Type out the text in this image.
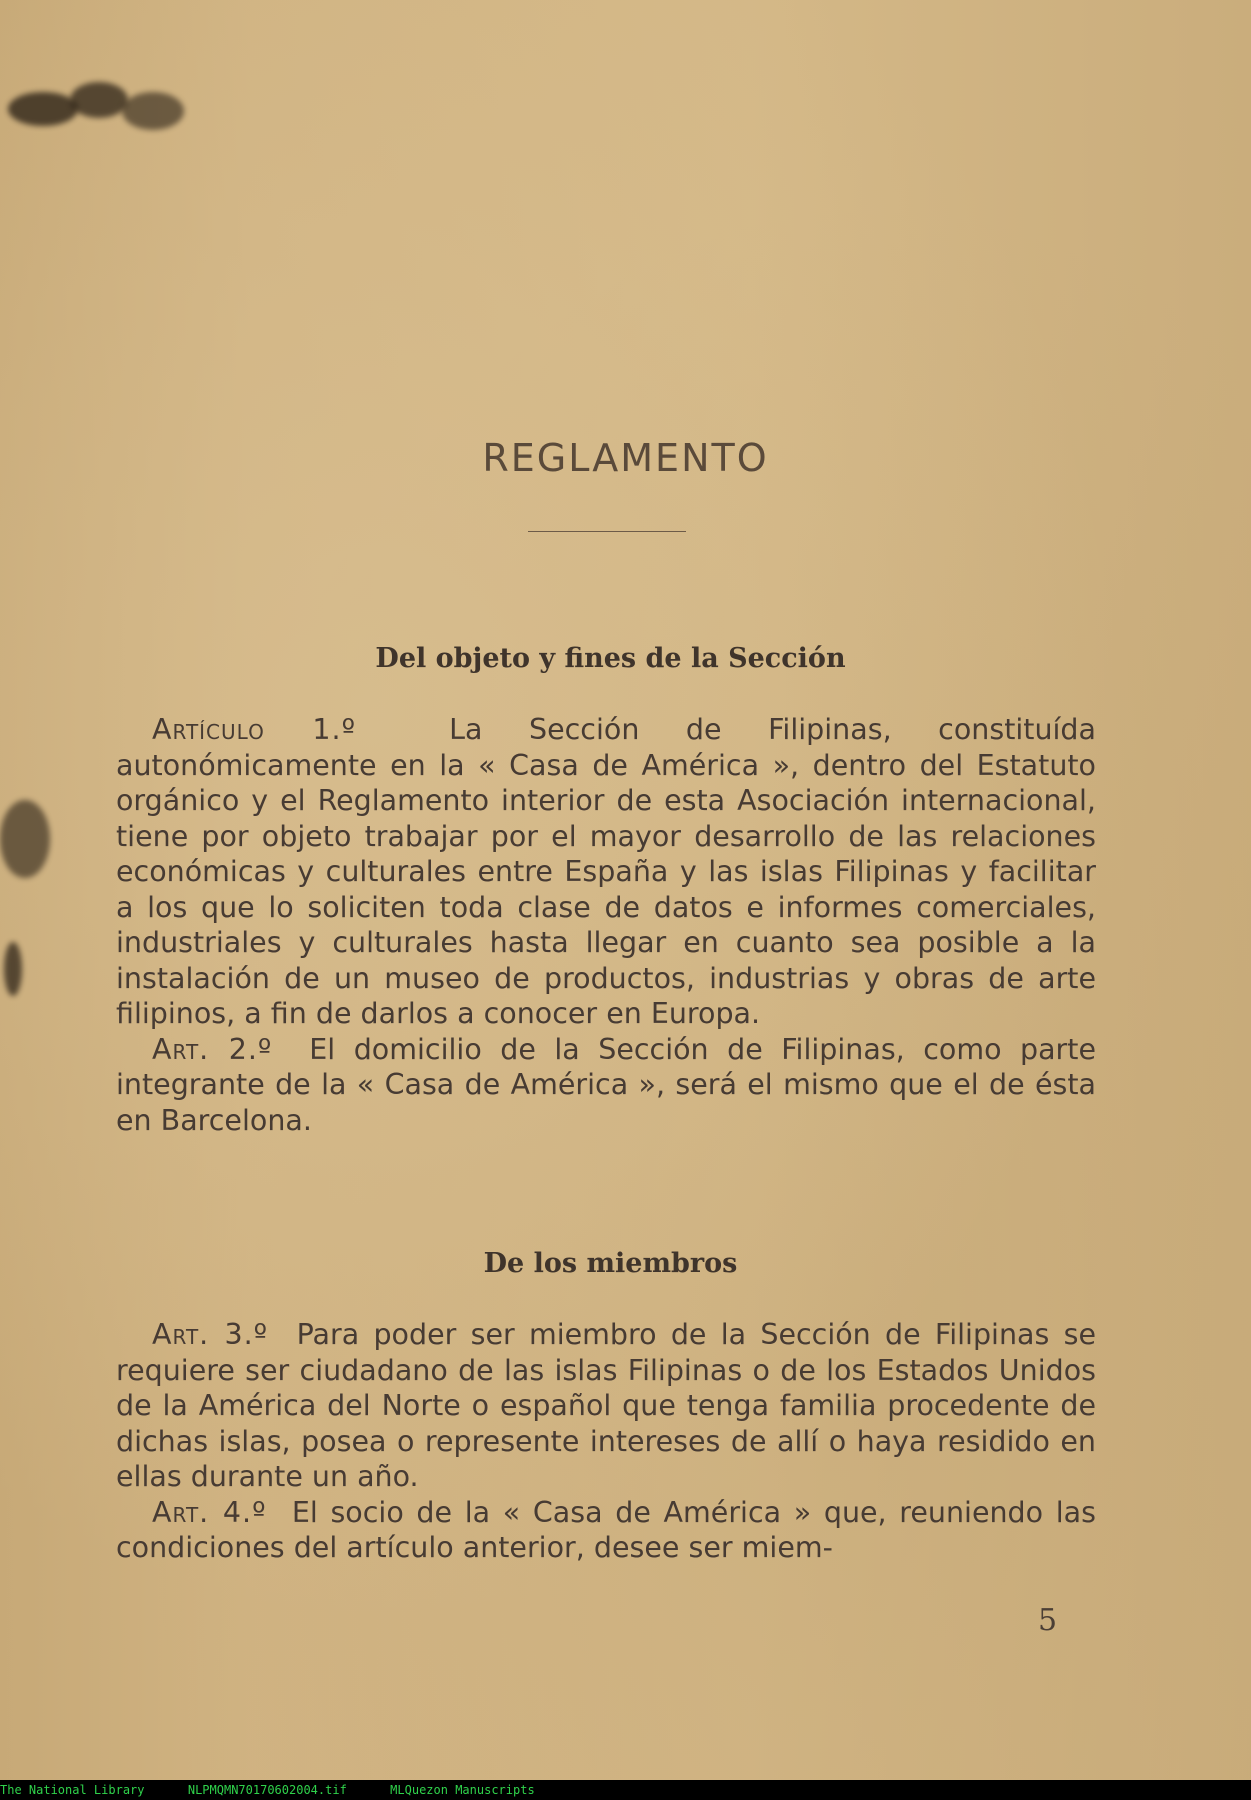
REGLAMENTO
Del objeto y fines de la Sección

Artículo 1.º	La Sección de Filipinas, constituída autonómicamente en la « Casa de América », dentro del Estatuto orgánico y el Reglamento interior de esta Asociación internacional, tiene por objeto trabajar por el mayor desarrollo de las relaciones económicas y culturales entre España y las islas Filipinas y facilitar a los que lo soliciten toda clase de datos e informes comerciales, industriales y culturales hasta llegar en cuanto sea posible a la instalación de un museo de productos, industrias y obras de arte filipinos, a fin de darlos a conocer en Europa.

Art. 2.º El domicilio de la Sección de Filipinas, como parte integrante de la « Casa de América », será el mismo que el de ésta en Barcelona.

De los miembros

Art. 3.º Para poder ser miembro de la Sección de Filipinas se requiere ser ciudadano de las islas Filipinas o de los Estados Unidos de la América del Norte o español que tenga familia procedente de dichas islas, posea o represente intereses de allí o haya residido en ellas durante un año.

Art. 4.º El socio de la « Casa de América » que, reuniendo las condiciones del artículo anterior, desee ser miem-

5
The National Library	NLPMQMN70170602004.tif	MLQuezon Manuscripts
